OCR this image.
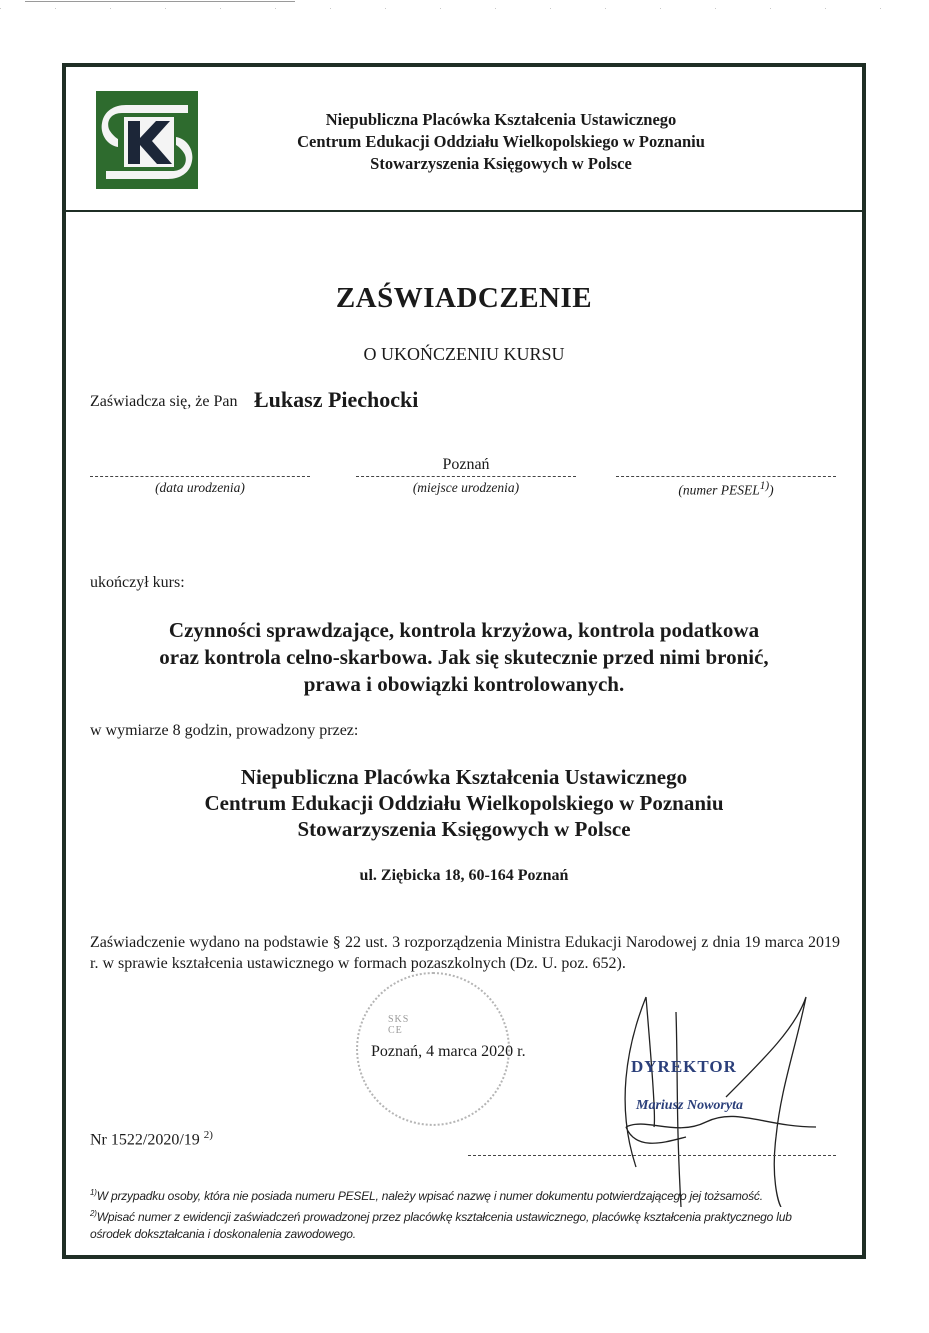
Niepubliczna Placówka Kształcenia Ustawicznego
Centrum Edukacji Oddziału Wielkopolskiego w Poznaniu
Stowarzyszenia Księgowych w Polsce
ZAŚWIADCZENIE
O UKOŃCZENIU KURSU
Zaświadcza się, że Pan Łukasz Piechocki
(data urodzenia)
Poznań
(miejsce urodzenia)	(numer PESEL$^{1)}$)
ukończył kurs:
Czynności sprawdzające, kontrola krzyżowa, kontrola podatkowa
oraz kontrola celno-skarbowa. Jak się skutecznie przed nimi bronić,
prawa i obowiązki kontrolowanych.
w wymiarze 8 godzin, prowadzony przez:
Niepubliczna Placówka Kształcenia Ustawicznego
Centrum Edukacji Oddziału Wielkopolskiego w Poznaniu
Stowarzyszenia Księgowych w Polsce
ul. Ziębicka 18, 60-164 Poznań
Zaświadczenie wydano na podstawie § 22 ust. 3 rozporządzenia Ministra Edukacji Narodowej z dnia 19 marca 2019 r. w sprawie kształcenia ustawicznego w formach pozaszkolnych (Dz. U. poz. 652).
SKS
CE
Poznań, 4 marca 2020 r.
DYREKTOR
Mariusz Noworyta
Nr 1522/2020/19 $^{2)}$
$^{1)}$W przypadku osoby, która nie posiada numeru PESEL, należy wpisać nazwę i numer dokumentu potwierdzającego jej tożsamość.
$^{2)}$Wpisać numer z ewidencji zaświadczeń prowadzonej przez placówkę kształcenia ustawicznego, placówkę kształcenia praktycznego lub ośrodek dokształcania i doskonalenia zawodowego.
